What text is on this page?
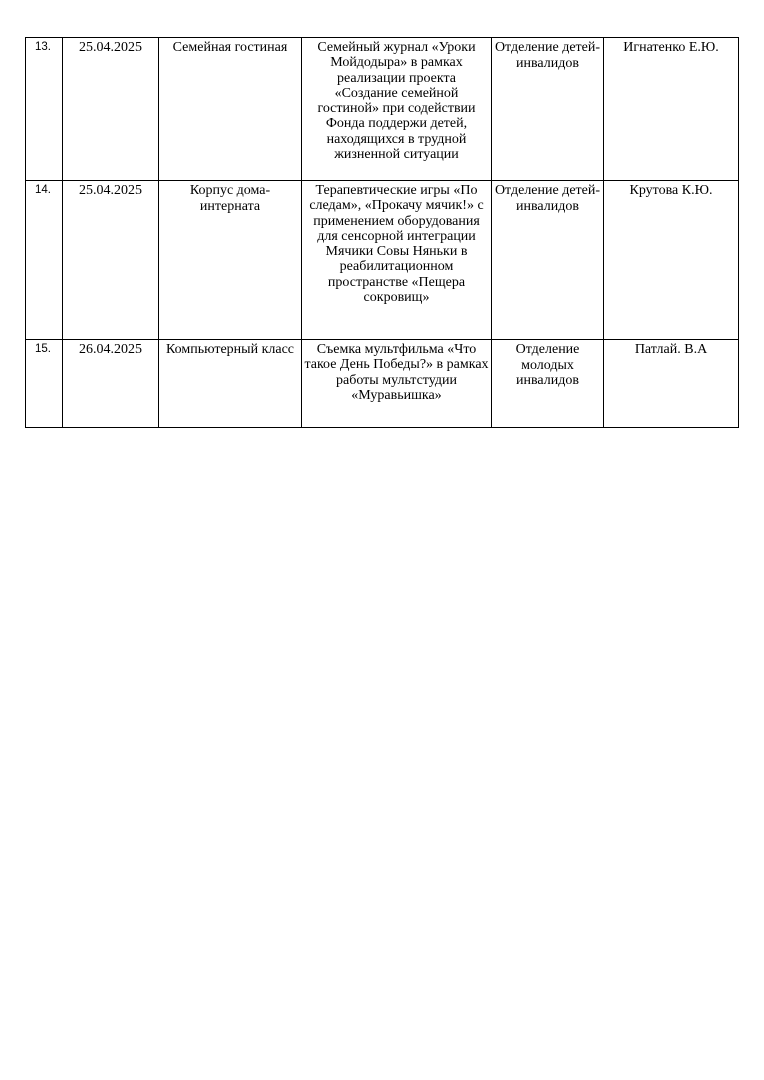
13.	25.04.2025	Семейная гостиная	Семейный журнал «Уроки Мойдодыра» в рамках реализации проекта «Создание семейной гостиной» при содействии Фонда поддержи детей, находящихся в трудной жизненной ситуации	Отделение детей-инвалидов	Игнатенко Е.Ю.
14.	25.04.2025	Корпус дома-интерната	Терапевтические игры «По следам», «Прокачу мячик!» с применением оборудования для сенсорной интеграции Мячики Совы Няньки в реабилитационном пространстве «Пещера сокровищ»	Отделение детей-инвалидов	Крутова К.Ю.
15.	26.04.2025	Компьютерный класс	Съемка мультфильма «Что такое День Победы?» в рамках работы мультстудии «Муравьишка»	Отделение молодых инвалидов	Патлай. В.А
